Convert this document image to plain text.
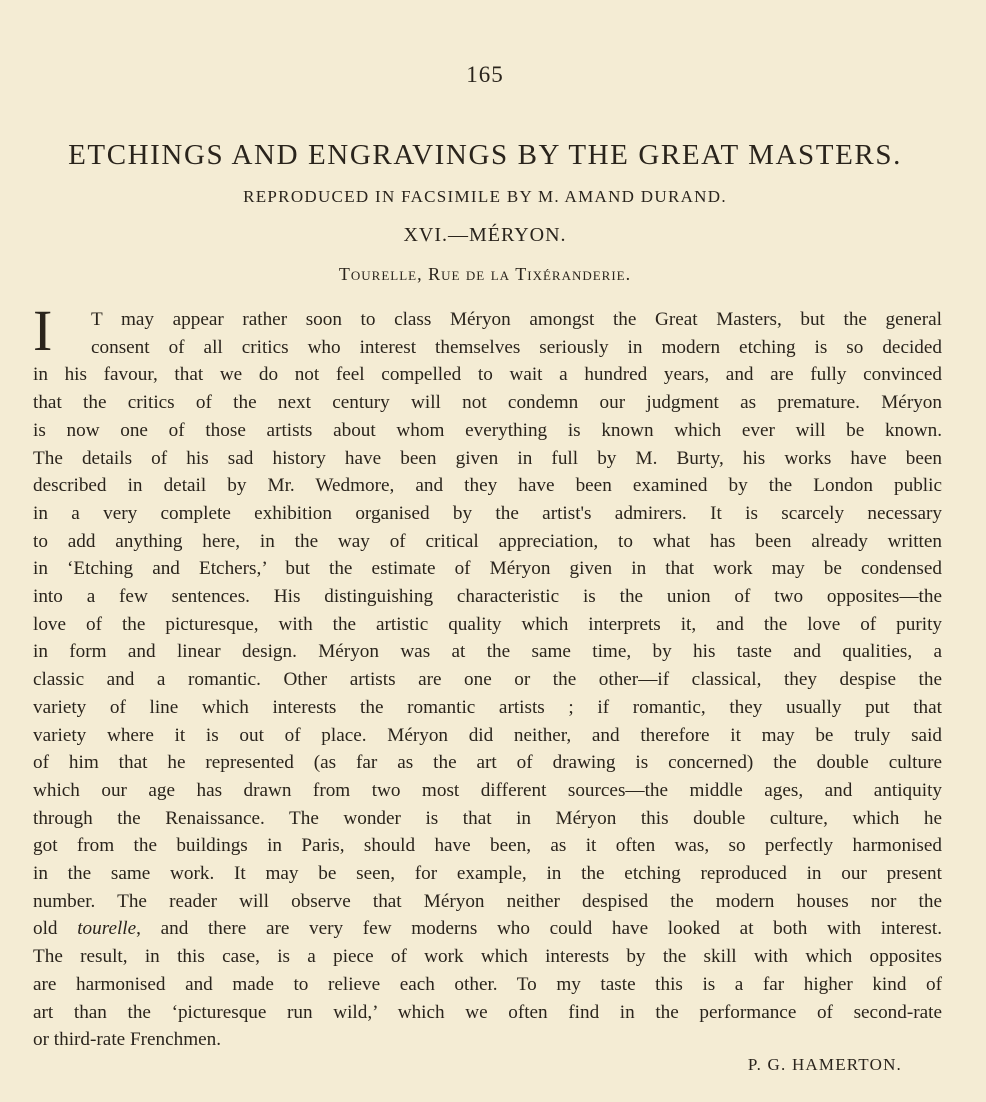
165
ETCHINGS AND ENGRAVINGS BY THE GREAT MASTERS.
REPRODUCED IN FACSIMILE BY M. AMAND DURAND.
XVI.—MÉRYON.
Tourelle, Rue de la Tixéranderie.
I	T may appear rather soon to class Méryon amongst the Great Masters, but the general
consent of all critics who interest themselves seriously in modern etching is so decided
in his favour, that we do not feel compelled to wait a hundred years, and are fully convinced
that the critics of the next century will not condemn our judgment as premature. Méryon
is now one of those artists about whom everything is known which ever will be known.
The details of his sad history have been given in full by M. Burty, his works have been
described in detail by Mr. Wedmore, and they have been examined by the London public
in a very complete exhibition organised by the artist's admirers. It is scarcely necessary
to add anything here, in the way of critical appreciation, to what has been already written
in ‘Etching and Etchers,’ but the estimate of Méryon given in that work may be condensed
into a few sentences. His distinguishing characteristic is the union of two opposites—the
love of the picturesque, with the artistic quality which interprets it, and the love of purity
in form and linear design. Méryon was at the same time, by his taste and qualities, a
classic and a romantic. Other artists are one or the other—if classical, they despise the
variety of line which interests the romantic artists ; if romantic, they usually put that
variety where it is out of place. Méryon did neither, and therefore it may be truly said
of him that he represented (as far as the art of drawing is concerned) the double culture
which our age has drawn from two most different sources—the middle ages, and antiquity
through the Renaissance. The wonder is that in Méryon this double culture, which he
got from the buildings in Paris, should have been, as it often was, so perfectly harmonised
in the same work. It may be seen, for example, in the etching reproduced in our present
number. The reader will observe that Méryon neither despised the modern houses nor the
old tourelle, and there are very few moderns who could have looked at both with interest.
The result, in this case, is a piece of work which interests by the skill with which opposites
are harmonised and made to relieve each other. To my taste this is a far higher kind of
art than the ‘picturesque run wild,’ which we often find in the performance of second-rate
or third-rate Frenchmen.
P. G. HAMERTON.
